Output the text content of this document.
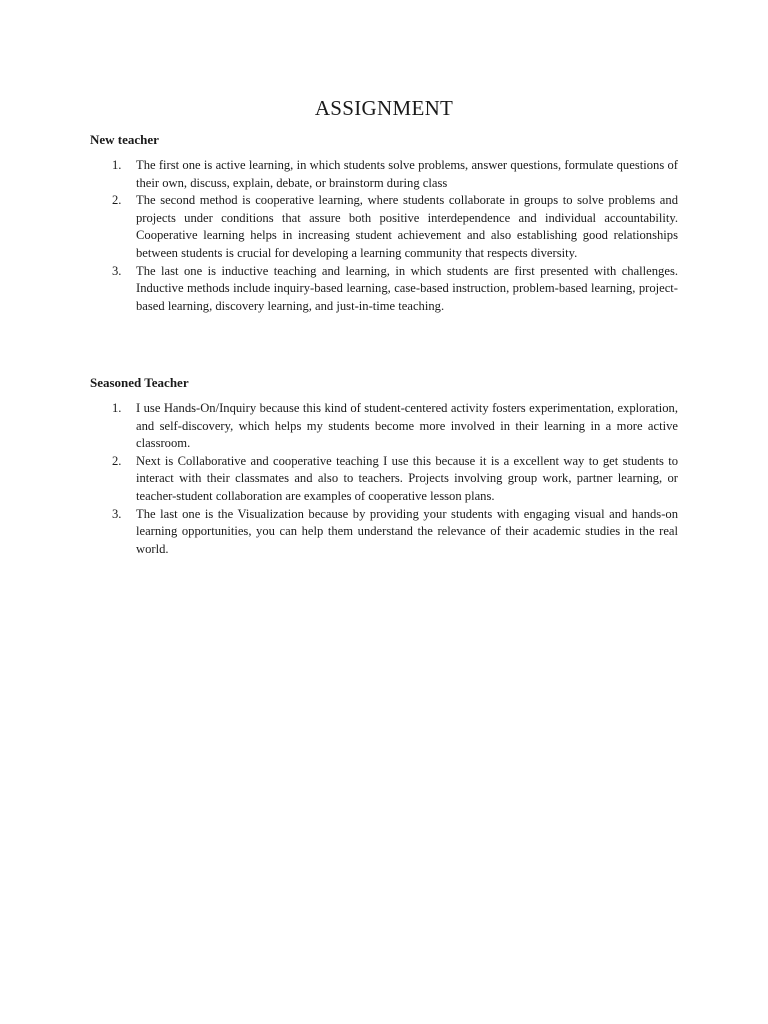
ASSIGNMENT
New teacher
1. The first one is active learning, in which students solve problems, answer questions, formulate questions of their own, discuss, explain, debate, or brainstorm during class
2. The second method is cooperative learning, where students collaborate in groups to solve problems and projects under conditions that assure both positive interdependence and individual accountability. Cooperative learning helps in increasing student achievement and also establishing good relationships between students is crucial for developing a learning community that respects diversity.
3. The last one is inductive teaching and learning, in which students are first presented with challenges. Inductive methods include inquiry-based learning, case-based instruction, problem-based learning, project-based learning, discovery learning, and just-in-time teaching.
Seasoned Teacher
1. I use Hands-On/Inquiry because this kind of student-centered activity fosters experimentation, exploration, and self-discovery, which helps my students become more involved in their learning in a more active classroom.
2. Next is Collaborative and cooperative teaching I use this because it is a excellent way to get students to interact with their classmates and also to teachers. Projects involving group work, partner learning, or teacher-student collaboration are examples of cooperative lesson plans.
3. The last one is the Visualization because by providing your students with engaging visual and hands-on learning opportunities, you can help them understand the relevance of their academic studies in the real world.
